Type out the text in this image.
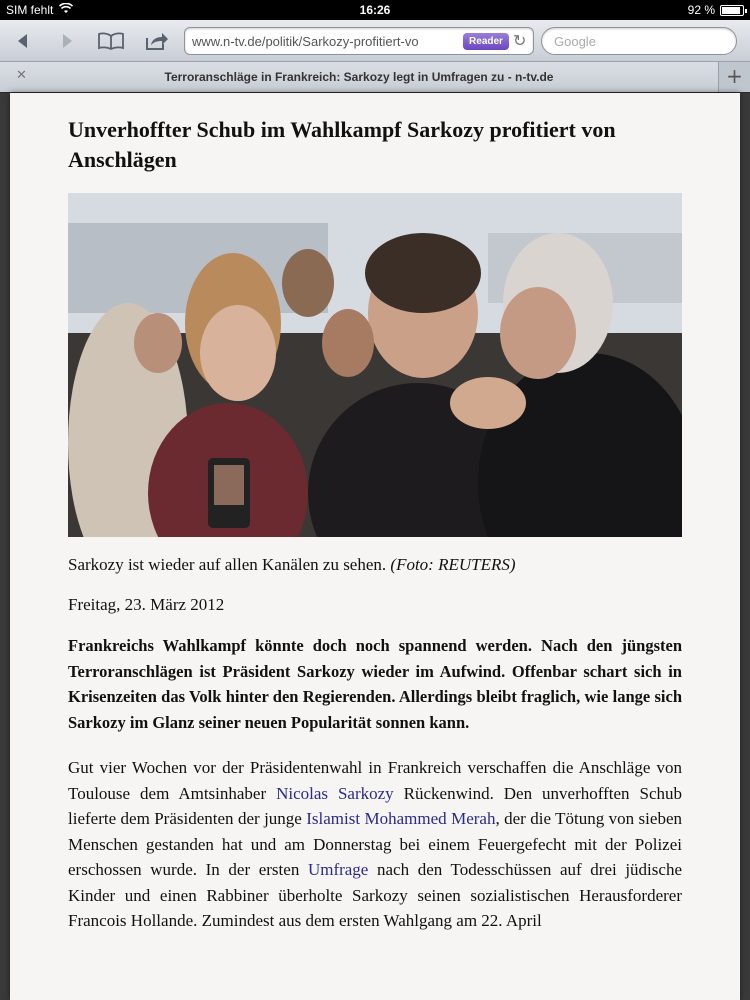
SIM fehlt	16:26	92 %
www.n-tv.de/politik/Sarkozy-profitiert-vo	Reader ↻ Google
✕	Terroranschläge in Frankreich: Sarkozy legt in Umfragen zu - n-tv.de	+
Unverhoffter Schub im Wahlkampf Sarkozy profitiert von Anschlägen

Sarkozy ist wieder auf allen Kanälen zu sehen. (Foto: REUTERS)

Freitag, 23. März 2012

Frankreichs Wahlkampf könnte doch noch spannend werden. Nach den jüngsten Terroranschlägen ist Präsident Sarkozy wieder im Aufwind. Offenbar schart sich in Krisenzeiten das Volk hinter den Regierenden. Allerdings bleibt fraglich, wie lange sich Sarkozy im Glanz seiner neuen Popularität sonnen kann.

Gut vier Wochen vor der Präsidentenwahl in Frankreich verschaffen die Anschläge von Toulouse dem Amtsinhaber Nicolas Sarkozy Rückenwind. Den unverhofften Schub lieferte dem Präsidenten der junge Islamist Mohammed Merah, der die Tötung von sieben Menschen gestanden hat und am Donnerstag bei einem Feuergefecht mit der Polizei erschossen wurde. In der ersten Umfrage nach den Todesschüssen auf drei jüdische Kinder und einen Rabbiner überholte Sarkozy seinen sozialistischen Herausforderer Francois Hollande. Zumindest aus dem ersten Wahlgang am 22. April
